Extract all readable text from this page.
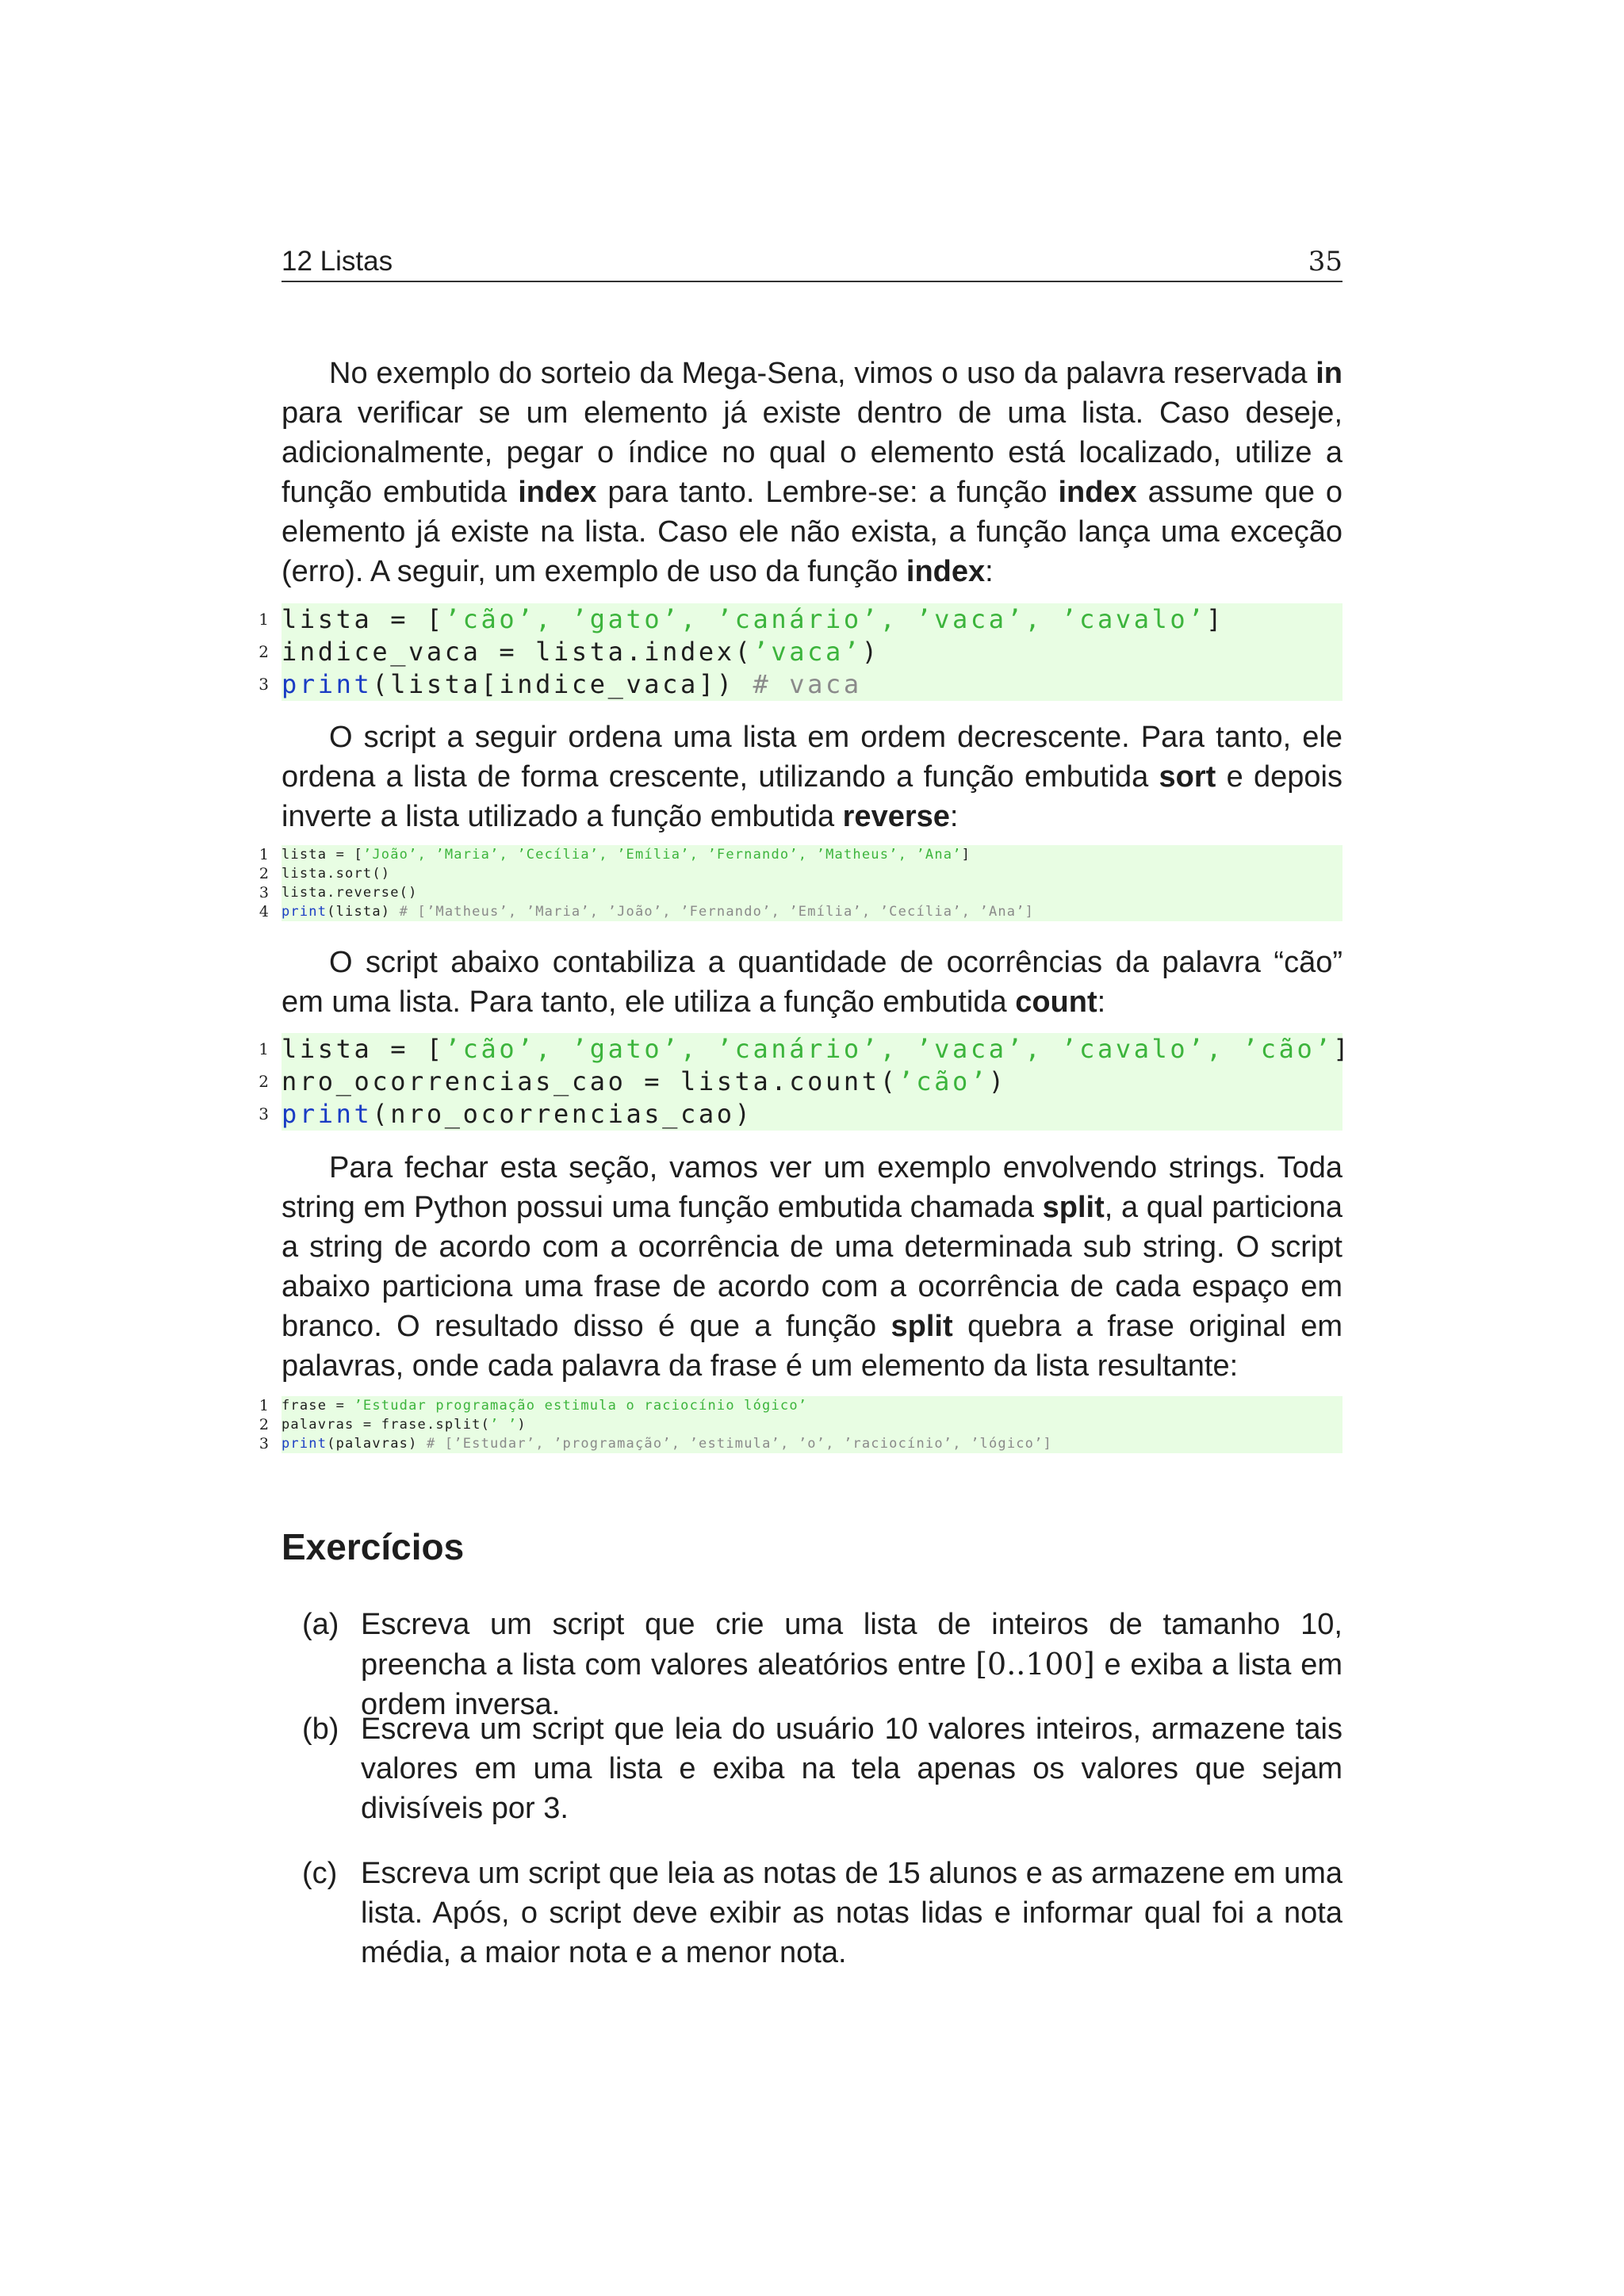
12 Listas	35

No exemplo do sorteio da Mega-Sena, vimos o uso da palavra reservada in para verificar se um elemento já existe dentro de uma lista. Caso deseje, adicionalmente, pegar o índice no qual o elemento está localizado, utilize a função embutida index para tanto. Lembre-se: a função index assume que o elemento já existe na lista. Caso ele não exista, a função lança uma exceção (erro). A seguir, um exemplo de uso da função index:

1 lista = [’cão’, ’gato’, ’canário’, ’vaca’, ’cavalo’]
2 indice_vaca = lista.index(’vaca’)
3 print(lista[indice_vaca]) # vaca

O script a seguir ordena uma lista em ordem decrescente. Para tanto, ele ordena a lista de forma crescente, utilizando a função embutida sort e depois inverte a lista utilizado a função embutida reverse:

1 lista = [’João’, ’Maria’, ’Cecília’, ’Emília’, ’Fernando’, ’Matheus’, ’Ana’]
2 lista.sort()
3 lista.reverse()
4 print(lista) # [’Matheus’, ’Maria’, ’João’, ’Fernando’, ’Emília’, ’Cecília’, ’Ana’]

O script abaixo contabiliza a quantidade de ocorrências da palavra “cão” em uma lista. Para tanto, ele utiliza a função embutida count:

1 lista = [’cão’, ’gato’, ’canário’, ’vaca’, ’cavalo’, ’cão’]
2 nro_ocorrencias_cao = lista.count(’cão’)
3 print(nro_ocorrencias_cao)

Para fechar esta seção, vamos ver um exemplo envolvendo strings. Toda string em Python possui uma função embutida chamada split, a qual particiona a string de acordo com a ocorrência de uma determinada sub string. O script abaixo particiona uma frase de acordo com a ocorrência de cada espaço em branco. O resultado disso é que a função split quebra a frase original em palavras, onde cada palavra da frase é um elemento da lista resultante:

1 frase = ’Estudar programação estimula o raciocínio lógico’
2 palavras = frase.split(’ ’)
3 print(palavras) # [’Estudar’, ’programação’, ’estimula’, ’o’, ’raciocínio’, ’lógico’]
Exercícios
(a) Escreva um script que crie uma lista de inteiros de tamanho 10, preencha a lista com valores aleatórios entre [0..100] e exiba a lista em ordem inversa.
(b) Escreva um script que leia do usuário 10 valores inteiros, armazene tais valores em uma lista e exiba na tela apenas os valores que sejam divisíveis por 3.
(c) Escreva um script que leia as notas de 15 alunos e as armazene em uma lista. Após, o script deve exibir as notas lidas e informar qual foi a nota média, a maior nota e a menor nota.
